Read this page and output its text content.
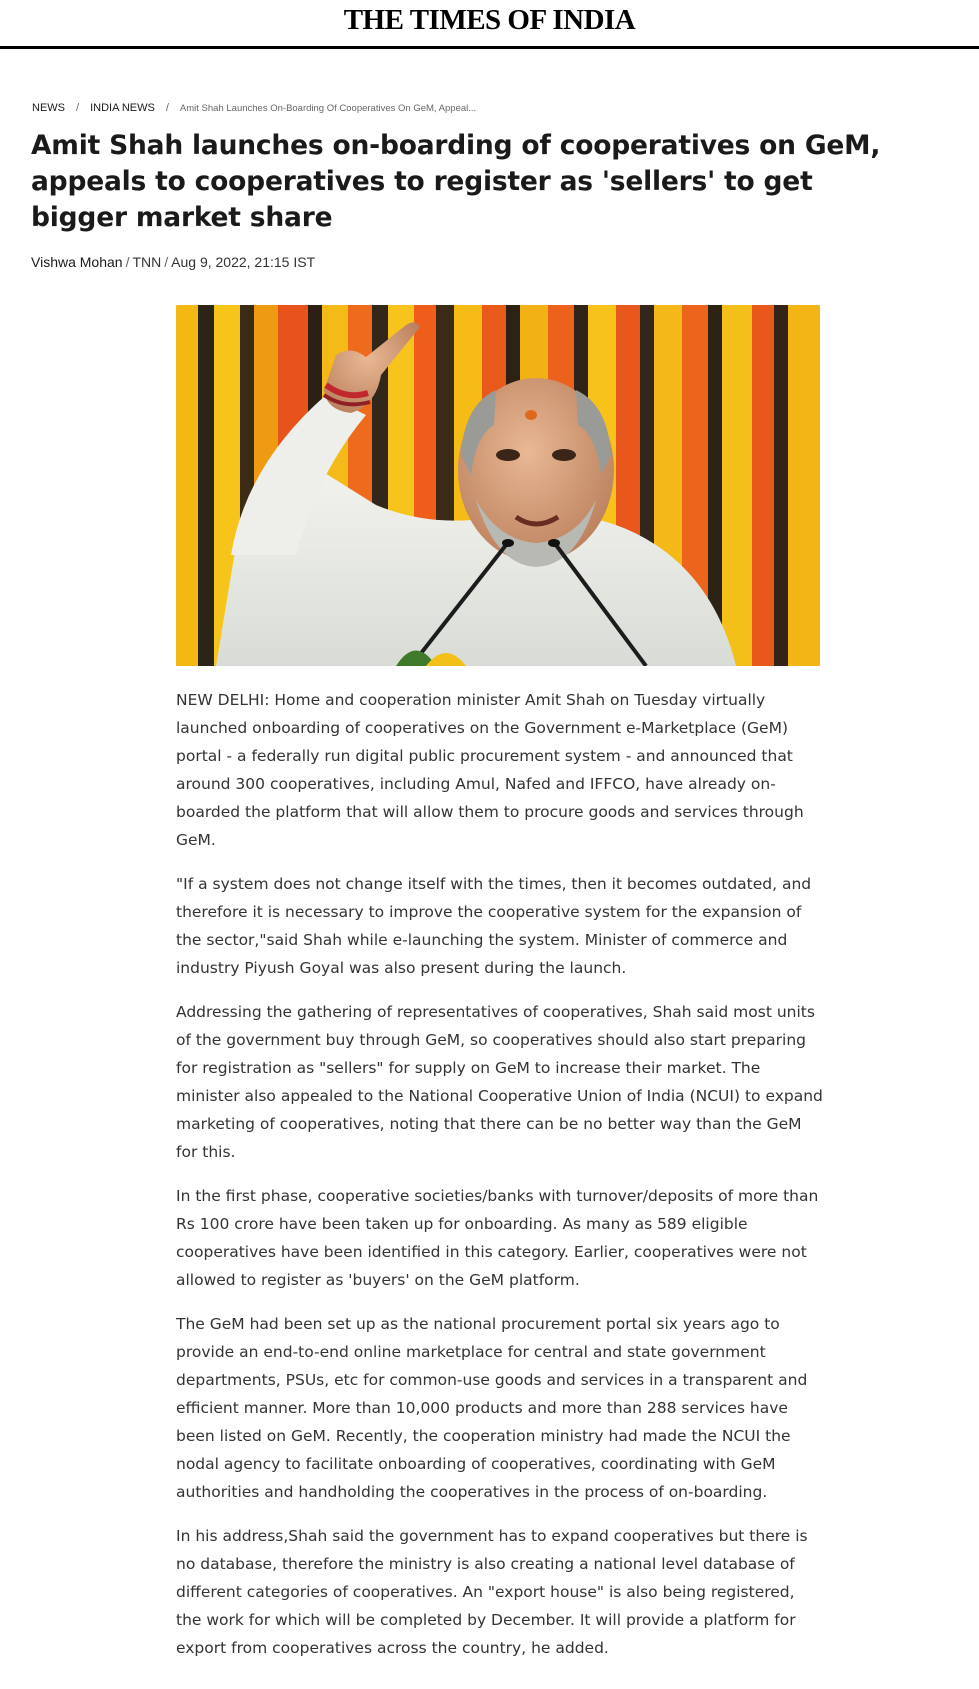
THE TIMES OF INDIA
NEWS / INDIA NEWS / Amit Shah Launches On-Boarding Of Cooperatives On GeM, Appeal...
Amit Shah launches on-boarding of cooperatives on GeM, appeals to cooperatives to register as 'sellers' to get bigger market share
Vishwa Mohan / TNN / Aug 9, 2022, 21:15 IST

NEW DELHI: Home and cooperation minister Amit Shah on Tuesday virtually launched onboarding of cooperatives on the Government e-Marketplace (GeM) portal - a federally run digital public procurement system - and announced that around 300 cooperatives, including Amul, Nafed and IFFCO, have already on-boarded the platform that will allow them to procure goods and services through GeM.

"If a system does not change itself with the times, then it becomes outdated, and therefore it is necessary to improve the cooperative system for the expansion of the sector,"said Shah while e-launching the system. Minister of commerce and industry Piyush Goyal was also present during the launch.

Addressing the gathering of representatives of cooperatives, Shah said most units of the government buy through GeM, so cooperatives should also start preparing for registration as "sellers" for supply on GeM to increase their market. The minister also appealed to the National Cooperative Union of India (NCUI) to expand marketing of cooperatives, noting that there can be no better way than the GeM for this.

In the first phase, cooperative societies/banks with turnover/deposits of more than Rs 100 crore have been taken up for onboarding. As many as 589 eligible cooperatives have been identified in this category. Earlier, cooperatives were not allowed to register as 'buyers' on the GeM platform.

The GeM had been set up as the national procurement portal six years ago to provide an end-to-end online marketplace for central and state government departments, PSUs, etc for common-use goods and services in a transparent and efficient manner. More than 10,000 products and more than 288 services have been listed on GeM. Recently, the cooperation ministry had made the NCUI the nodal agency to facilitate onboarding of cooperatives, coordinating with GeM authorities and handholding the cooperatives in the process of on-boarding.

In his address,Shah said the government has to expand cooperatives but there is no database, therefore the ministry is also creating a national level database of different categories of cooperatives. An "export house" is also being registered, the work for which will be completed by December. It will provide a platform for export from cooperatives across the country, he added.
